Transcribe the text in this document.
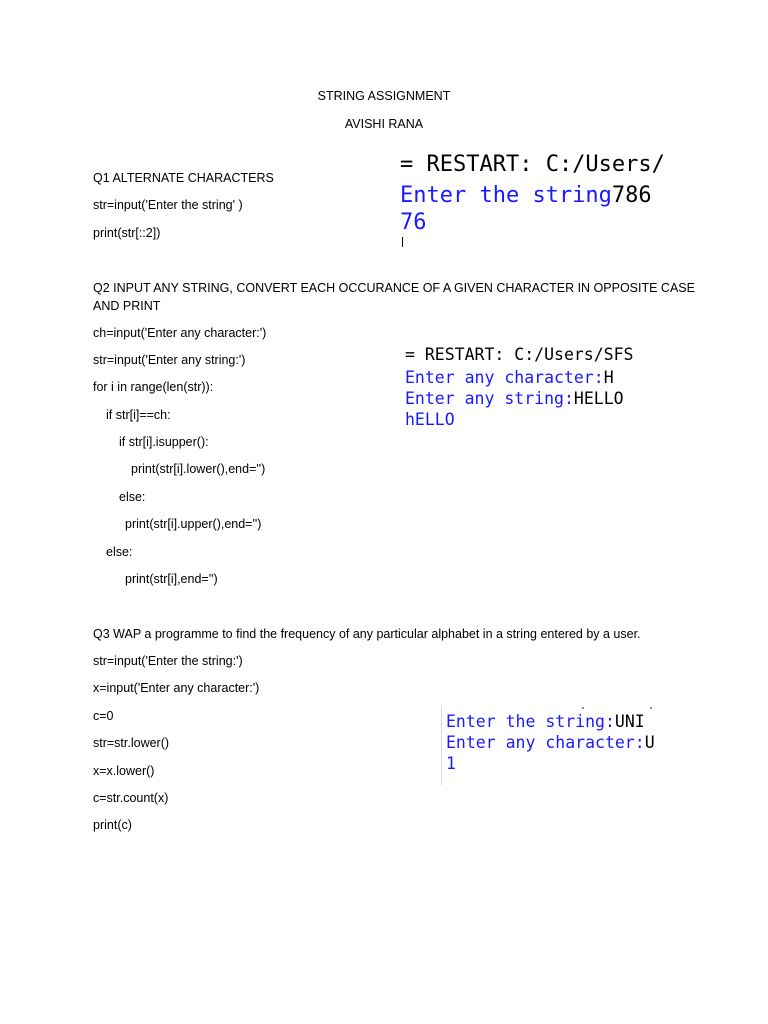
STRING ASSIGNMENT
AVISHI RANA
Q1 ALTERNATE CHARACTERS
str=input('Enter the string' )
print(str[::2])
= RESTART: C:/Users/
Enter the string786
76
Q2 INPUT ANY STRING, CONVERT EACH OCCURANCE OF A GIVEN CHARACTER IN OPPOSITE CASE
AND PRINT
ch=input('Enter any character:')
str=input('Enter any string:')
for i in range(len(str)):
if str[i]==ch:
if str[i].isupper():
print(str[i].lower(),end='')
else:
print(str[i].upper(),end='')
else:
print(str[i],end='')
= RESTART: C:/Users/SFS
Enter any character:H
Enter any string:HELLO
hELLO
Q3 WAP a programme to find the frequency of any particular alphabet in a string entered by a user.
str=input('Enter the string:')
x=input('Enter any character:')
c=0
str=str.lower()
x=x.lower()
c=str.count(x)
print(c)
Enter the string:UNI
Enter any character:U
1
